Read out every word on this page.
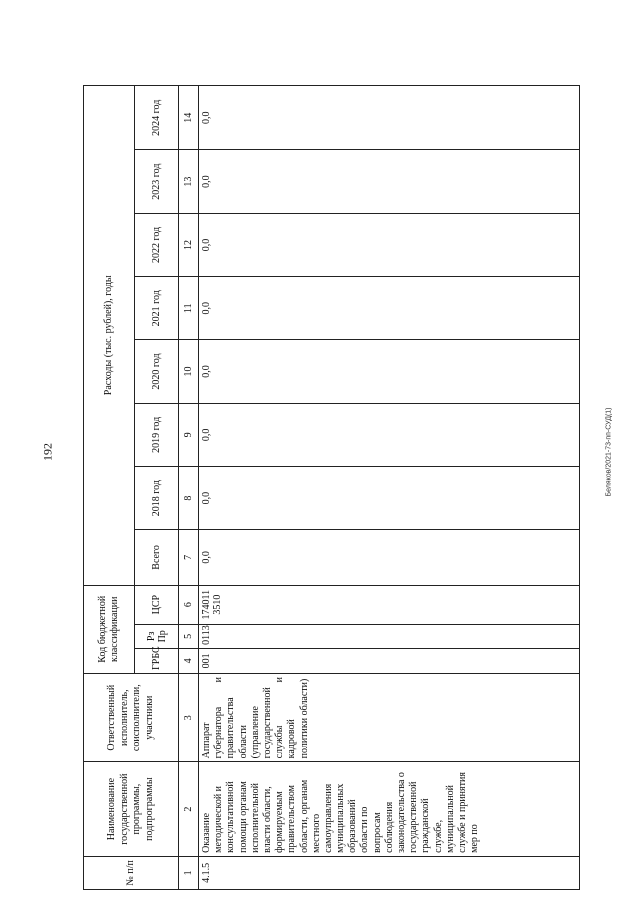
192	Беляков/2021-73-пп-СУД(1)
№ п/п	Наименование государственной программы, подпрограммы	Ответственный исполнитель, соисполнители, участники	Код бюджетной классификации			Расходы (тыс. рублей), годы							
			ГРБС	Рз Пр	ЦСР	Всего	2018 год	2019 год	2020 год	2021 год	2022 год	2023 год	2024 год
1	2	3	4	5	6	7	8	9	10	11	12	13	14
4.1.5	Оказание методической и консультативной помощи органам исполнительной власти области, формируемым правительством области, органам местного самоуправления муниципальных образований области по вопросам соблюдения законодательства о государственной гражданской службе, муниципальной службе и принятия мер по	Аппарат губернатора и правительства области (управление государственной службы и кадровой политики области)	001	0113	1740113510	0,0	0,0	0,0	0,0	0,0	0,0	0,0	0,0
